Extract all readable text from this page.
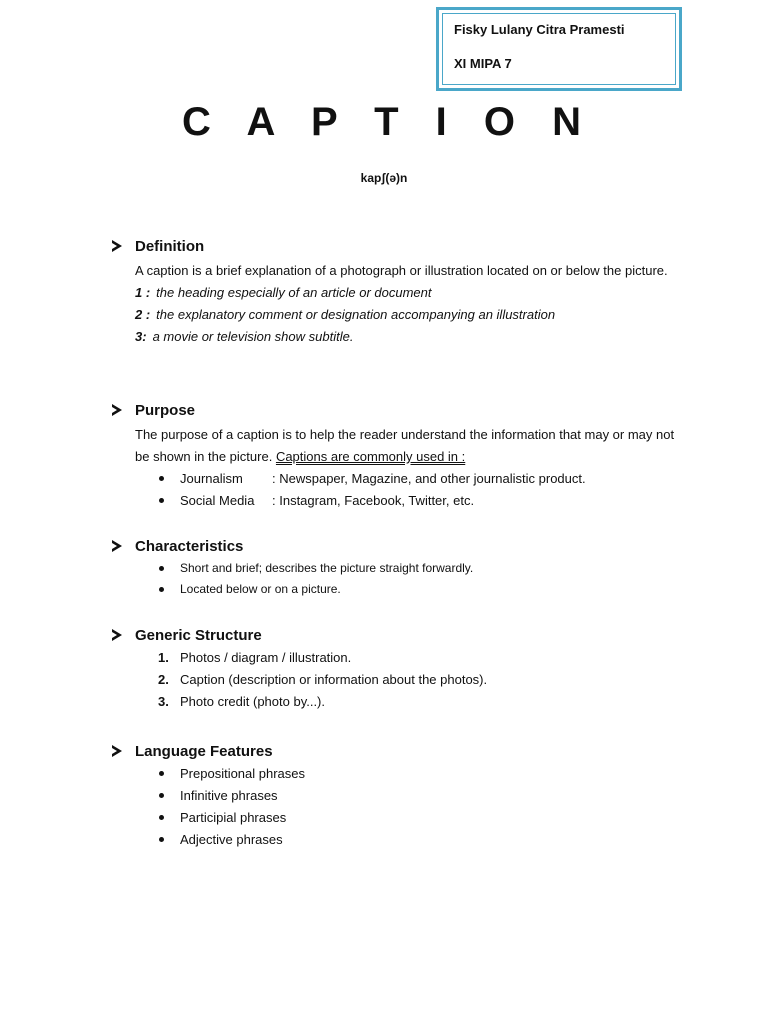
Fisky Lulany Citra Pramesti
XI MIPA 7
C A P T I O N
kapʃ(ə)n
Definition
A caption is a brief explanation of a photograph or illustration located on or below the picture.
1 : the heading especially of an article or document
2 : the explanatory comment or designation accompanying an illustration
3: a movie or television show subtitle.
Purpose
The purpose of a caption is to help the reader understand the information that may or may not be shown in the picture. Captions are commonly used in :
Journalism : Newspaper, Magazine, and other journalistic product.
Social Media : Instagram, Facebook, Twitter, etc.
Characteristics
Short and brief; describes the picture straight forwardly.
Located below or on a picture.
Generic Structure
1. Photos / diagram / illustration.
2. Caption (description or information about the photos).
3. Photo credit (photo by...).
Language Features
Prepositional phrases
Infinitive phrases
Participial phrases
Adjective phrases
